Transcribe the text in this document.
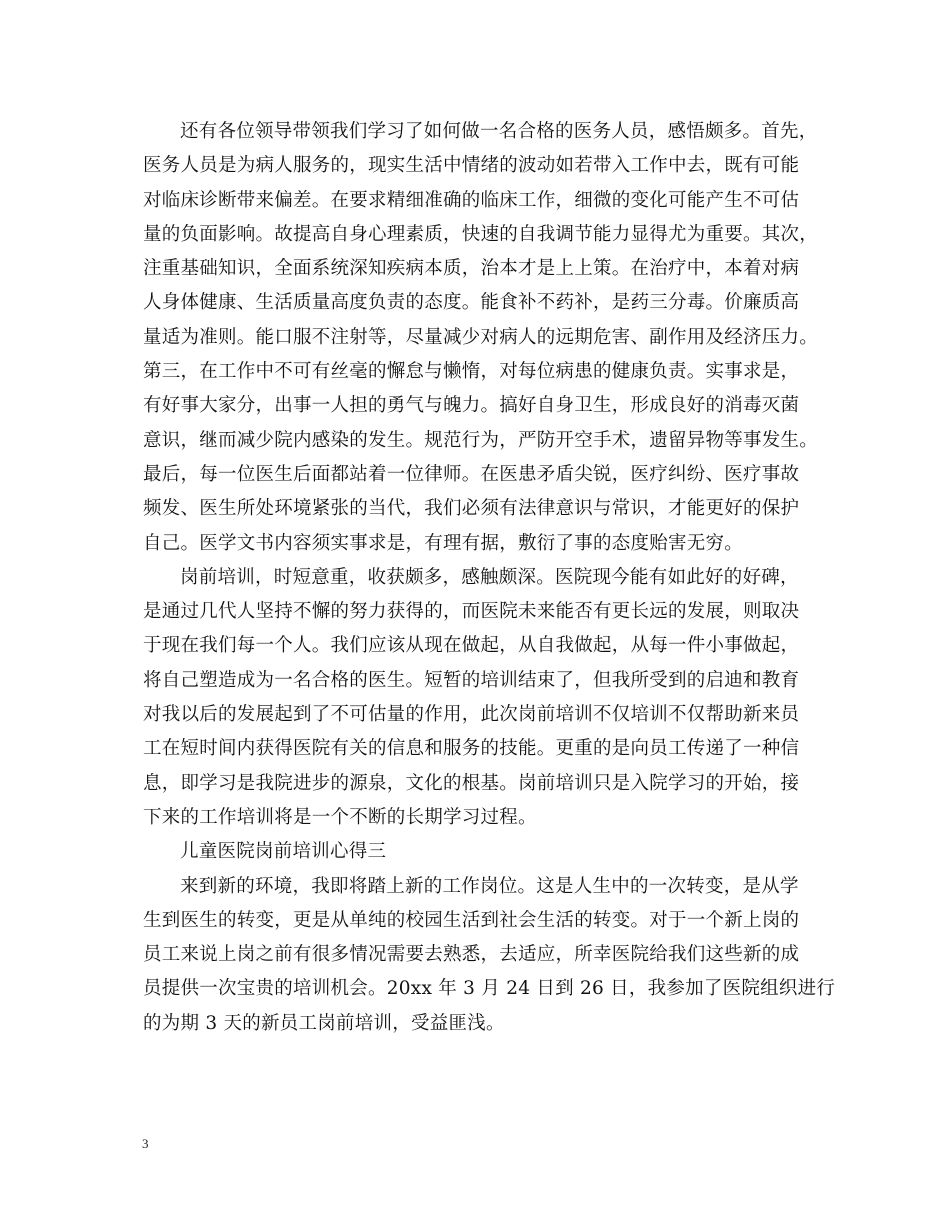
还有各位领导带领我们学习了如何做一名合格的医务人员，感悟颇多。首先，
医务人员是为病人服务的，现实生活中情绪的波动如若带入工作中去，既有可能
对临床诊断带来偏差。在要求精细准确的临床工作，细微的变化可能产生不可估
量的负面影响。故提高自身心理素质，快速的自我调节能力显得尤为重要。其次，
注重基础知识，全面系统深知疾病本质，治本才是上上策。在治疗中，本着对病
人身体健康、生活质量高度负责的态度。能食补不药补，是药三分毒。价廉质高
量适为准则。能口服不注射等，尽量减少对病人的远期危害、副作用及经济压力。
第三，在工作中不可有丝毫的懈怠与懒惰，对每位病患的健康负责。实事求是，
有好事大家分，出事一人担的勇气与魄力。搞好自身卫生，形成良好的消毒灭菌
意识，继而减少院内感染的发生。规范行为，严防开空手术，遗留异物等事发生。
最后，每一位医生后面都站着一位律师。在医患矛盾尖锐，医疗纠纷、医疗事故
频发、医生所处环境紧张的当代，我们必须有法律意识与常识，才能更好的保护
自己。医学文书内容须实事求是，有理有据，敷衍了事的态度贻害无穷。
岗前培训，时短意重，收获颇多，感触颇深。医院现今能有如此好的好碑，
是通过几代人坚持不懈的努力获得的，而医院未来能否有更长远的发展，则取决
于现在我们每一个人。我们应该从现在做起，从自我做起，从每一件小事做起，
将自己塑造成为一名合格的医生。短暂的培训结束了，但我所受到的启迪和教育
对我以后的发展起到了不可估量的作用，此次岗前培训不仅培训不仅帮助新来员
工在短时间内获得医院有关的信息和服务的技能。更重的是向员工传递了一种信
息，即学习是我院进步的源泉，文化的根基。岗前培训只是入院学习的开始，接
下来的工作培训将是一个不断的长期学习过程。
儿童医院岗前培训心得三
来到新的环境，我即将踏上新的工作岗位。这是人生中的一次转变，是从学
生到医生的转变，更是从单纯的校园生活到社会生活的转变。对于一个新上岗的
员工来说上岗之前有很多情况需要去熟悉，去适应，所幸医院给我们这些新的成
员提供一次宝贵的培训机会。20xx 年 3 月 24 日到 26 日，我参加了医院组织进行
的为期 3 天的新员工岗前培训，受益匪浅。
3
